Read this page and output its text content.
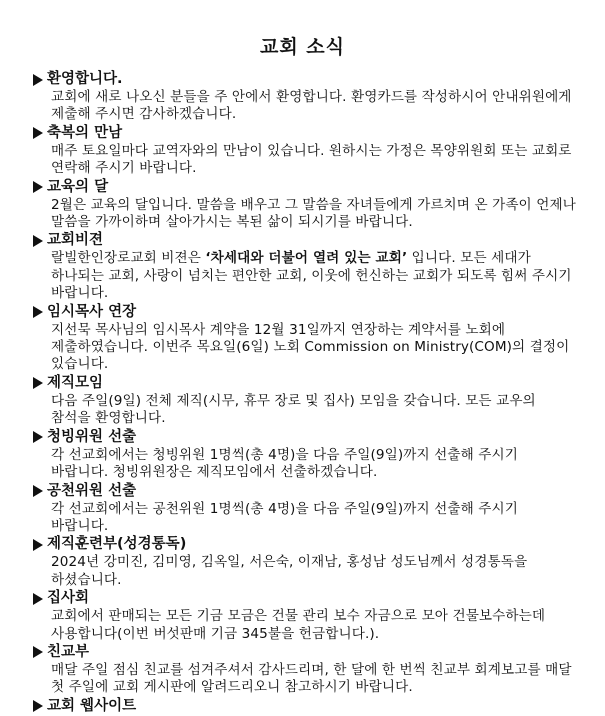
교회 소식
환영합니다.
교회에 새로 나오신 분들을 주 안에서 환영합니다. 환영카드를 작성하시어 안내위원에게 제출해 주시면 감사하겠습니다.
축복의 만남
매주 토요일마다 교역자와의 만남이 있습니다. 원하시는 가정은 목양위원회 또는 교회로 연락해 주시기 바랍니다.
교육의 달
2월은 교육의 달입니다. 말씀을 배우고 그 말씀을 자녀들에게 가르치며 온 가족이 언제나 말씀을 가까이하며 살아가시는 복된 삶이 되시기를 바랍니다.
교회비젼
랄빌한인장로교회 비젼은 ‘차세대와 더불어 열려 있는 교회’ 입니다. 모든 세대가 하나되는 교회, 사랑이 넘치는 편안한 교회, 이웃에 헌신하는 교회가 되도록 힘써 주시기 바랍니다.
임시목사 연장
지선묵 목사님의 임시목사 계약을 12월 31일까지 연장하는 계약서를 노회에 제출하였습니다. 이번주 목요일(6일) 노회 Commission on Ministry(COM)의 결정이 있습니다.
제직모임
다음 주일(9일) 전체 제직(시무, 휴무 장로 및 집사) 모임을 갖습니다. 모든 교우의 참석을 환영합니다.
청빙위원 선출
각 선교회에서는 청빙위원 1명씩(총 4명)을 다음 주일(9일)까지 선출해 주시기 바랍니다. 청빙위원장은 제직모임에서 선출하겠습니다.
공천위원 선출
각 선교회에서는 공천위원 1명씩(총 4명)을 다음 주일(9일)까지 선출해 주시기 바랍니다.
제직훈련부(성경통독)
2024년 강미진, 김미영, 김옥일, 서은숙, 이재남, 홍성남 성도님께서 성경통독을 하셨습니다.
집사회
교회에서 판매되는 모든 기금 모금은 건물 관리 보수 자금으로 모아 건물보수하는데 사용합니다(이번 버섯판매 기금 345불을 헌금합니다.).
친교부
매달 주일 점심 친교를 섬겨주셔서 감사드리며, 한 달에 한 번씩 친교부 회계보고를 매달 첫 주일에 교회 게시판에 알려드리오니 참고하시기 바랍니다.
교회 웹사이트
